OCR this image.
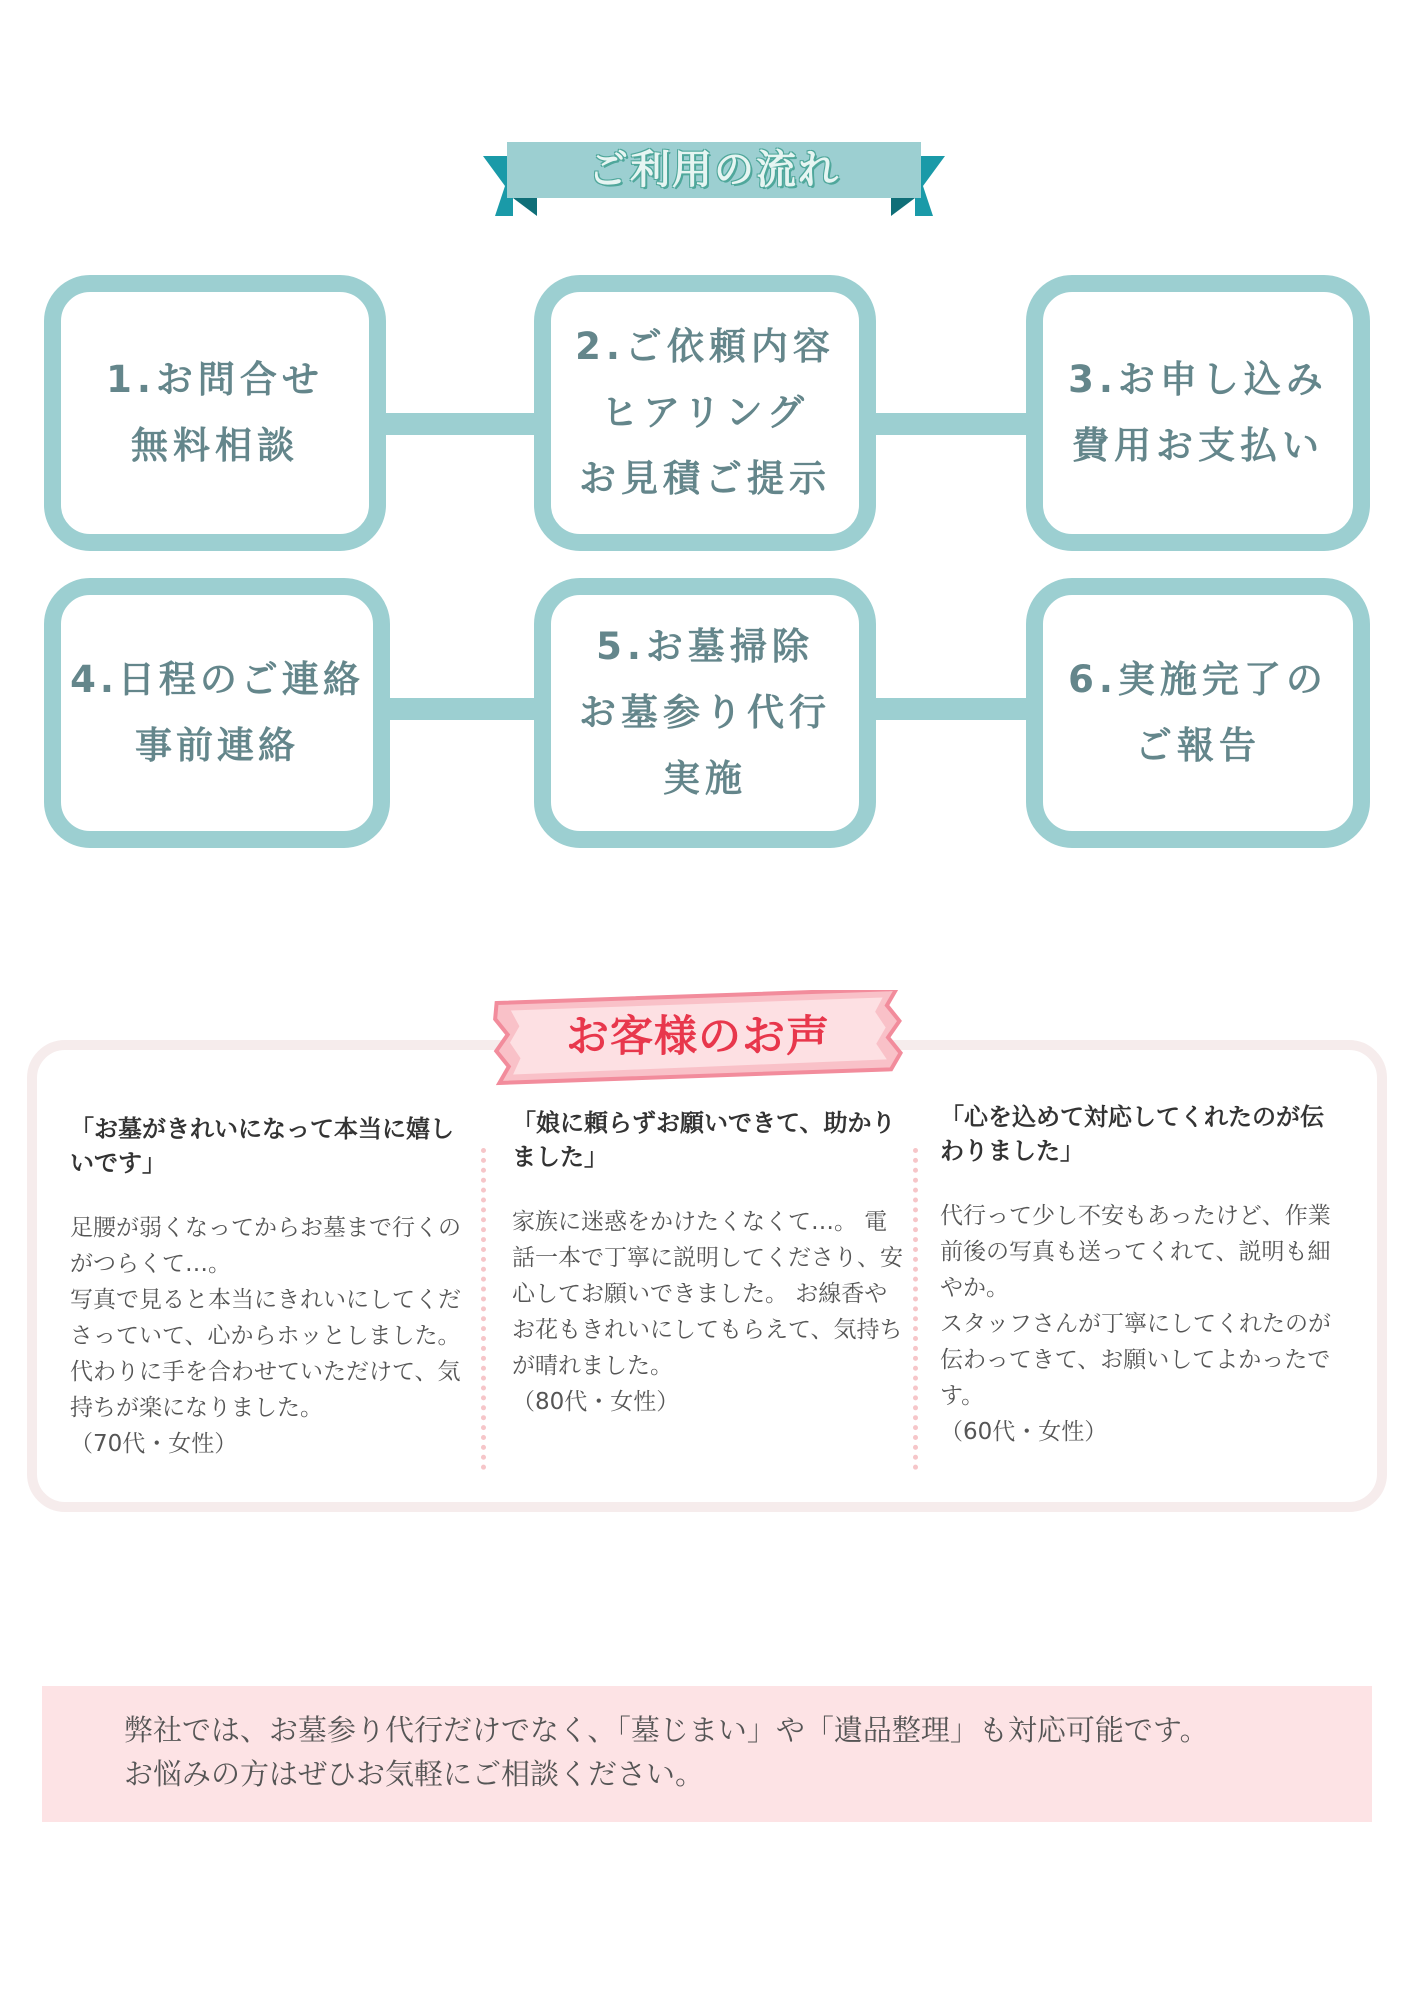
ご利用の流れ
1.お問合せ
無料相談
2.ご依頼内容
ヒアリング
お見積ご提示
3.お申し込み
費用お支払い
4.日程のご連絡
事前連絡
5.お墓掃除
お墓参り代行
実施
6.実施完了の
ご報告
お客様のお声
「お墓がきれいになって本当に嬉しいです」
足腰が弱くなってからお墓まで行くのがつらくて…。
写真で見ると本当にきれいにしてくださっていて、心からホッとしました。
代わりに手を合わせていただけて、気持ちが楽になりました。
（70代・女性）
「娘に頼らずお願いできて、助かりました」
家族に迷惑をかけたくなくて…。 電話一本で丁寧に説明してくださり、安心してお願いできました。 お線香やお花もきれいにしてもらえて、気持ちが晴れました。
（80代・女性）
「心を込めて対応してくれたのが伝わりました」
代行って少し不安もあったけど、作業前後の写真も送ってくれて、説明も細やか。
スタッフさんが丁寧にしてくれたのが伝わってきて、お願いしてよかったです。
（60代・女性）
弊社では、お墓参り代行だけでなく、「墓じまい」や「遺品整理」も対応可能です。
お悩みの方はぜひお気軽にご相談ください。
